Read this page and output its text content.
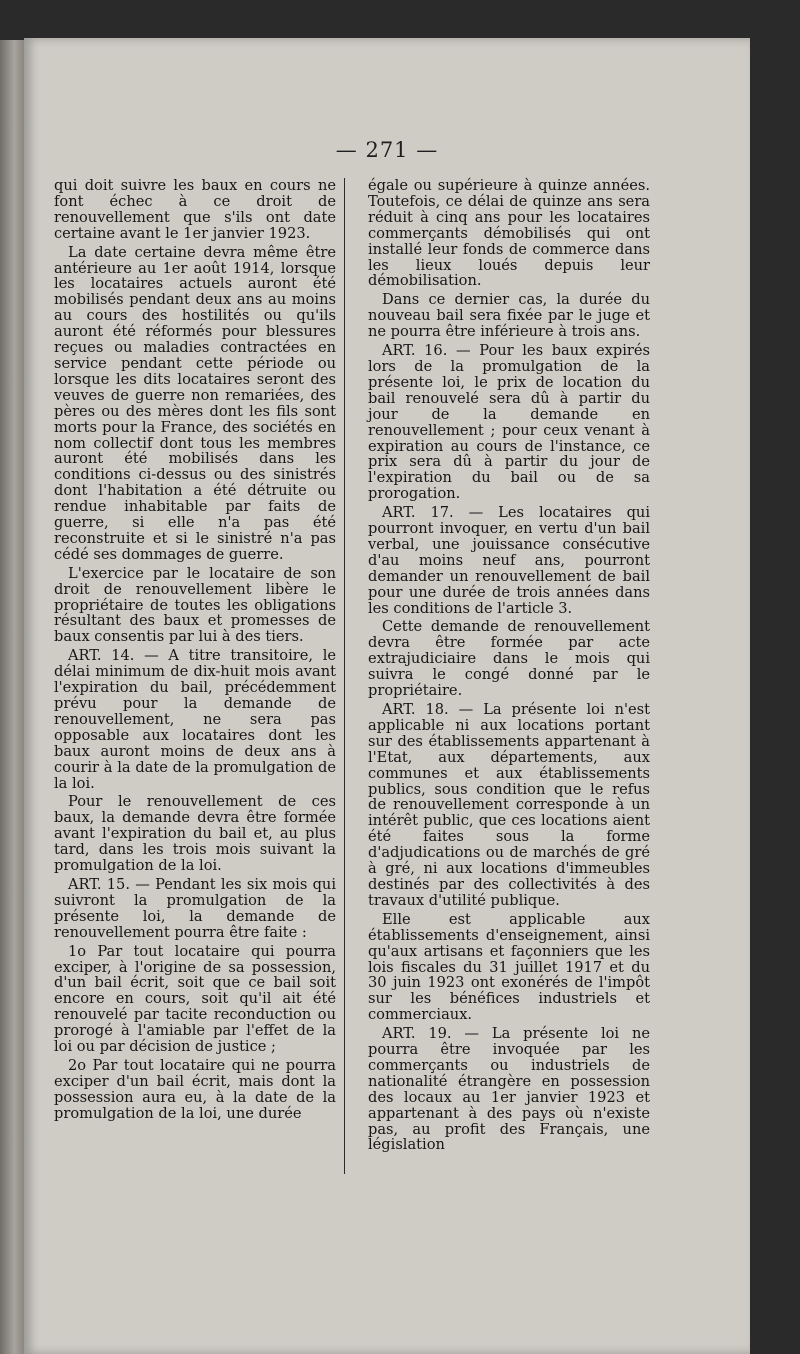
— 271 —

qui doit suivre les baux en cours ne font échec à ce droit de renouvellement que s'ils ont date certaine avant le 1er janvier 1923.

La date certaine devra même être antérieure au 1er août 1914, lorsque les locataires actuels auront été mobilisés pendant deux ans au moins au cours des hostilités ou qu'ils auront été réformés pour blessures reçues ou maladies contractées en service pendant cette période ou lorsque les dits locataires seront des veuves de guerre non remariées, des pères ou des mères dont les fils sont morts pour la France, des sociétés en nom collectif dont tous les membres auront été mobilisés dans les conditions ci-dessus ou des sinistrés dont l'habitation a été détruite ou rendue inhabitable par faits de guerre, si elle n'a pas été reconstruite et si le sinistré n'a pas cédé ses dommages de guerre.

L'exercice par le locataire de son droit de renouvellement libère le propriétaire de toutes les obligations résultant des baux et promesses de baux consentis par lui à des tiers.

ART. 14. — A titre transitoire, le délai minimum de dix-huit mois avant l'expiration du bail, précédemment prévu pour la demande de renouvellement, ne sera pas opposable aux locataires dont les baux auront moins de deux ans à courir à la date de la promulgation de la loi.

Pour le renouvellement de ces baux, la demande devra être formée avant l'expiration du bail et, au plus tard, dans les trois mois suivant la promulgation de la loi.

ART. 15. — Pendant les six mois qui suivront la promulgation de la présente loi, la demande de renouvellement pourra être faite :

1o Par tout locataire qui pourra exciper, à l'origine de sa possession, d'un bail écrit, soit que ce bail soit encore en cours, soit qu'il ait été renouvelé par tacite reconduction ou prorogé à l'amiable par l'effet de la loi ou par décision de justice ;

2o Par tout locataire qui ne pourra exciper d'un bail écrit, mais dont la possession aura eu, à la date de la promulgation de la loi, une durée

égale ou supérieure à quinze années. Toutefois, ce délai de quinze ans sera réduit à cinq ans pour les locataires commerçants démobilisés qui ont installé leur fonds de commerce dans les lieux loués depuis leur démobilisation.

Dans ce dernier cas, la durée du nouveau bail sera fixée par le juge et ne pourra être inférieure à trois ans.

ART. 16. — Pour les baux expirés lors de la promulgation de la présente loi, le prix de location du bail renouvelé sera dû à partir du jour de la demande en renouvellement ; pour ceux venant à expiration au cours de l'instance, ce prix sera dû à partir du jour de l'expiration du bail ou de sa prorogation.

ART. 17. — Les locataires qui pourront invoquer, en vertu d'un bail verbal, une jouissance consécutive d'au moins neuf ans, pourront demander un renouvellement de bail pour une durée de trois années dans les conditions de l'article 3.

Cette demande de renouvellement devra être formée par acte extrajudiciaire dans le mois qui suivra le congé donné par le propriétaire.

ART. 18. — La présente loi n'est applicable ni aux locations portant sur des établissements appartenant à l'Etat, aux départements, aux communes et aux établissements publics, sous condition que le refus de renouvellement corresponde à un intérêt public, que ces locations aient été faites sous la forme d'adjudications ou de marchés de gré à gré, ni aux locations d'immeubles destinés par des collectivités à des travaux d'utilité publique.

Elle est applicable aux établissements d'enseignement, ainsi qu'aux artisans et façonniers que les lois fiscales du 31 juillet 1917 et du 30 juin 1923 ont exonérés de l'impôt sur les bénéfices industriels et commerciaux.

ART. 19. — La présente loi ne pourra être invoquée par les commerçants ou industriels de nationalité étrangère en possession des locaux au 1er janvier 1923 et appartenant à des pays où n'existe pas, au profit des Français, une législation
